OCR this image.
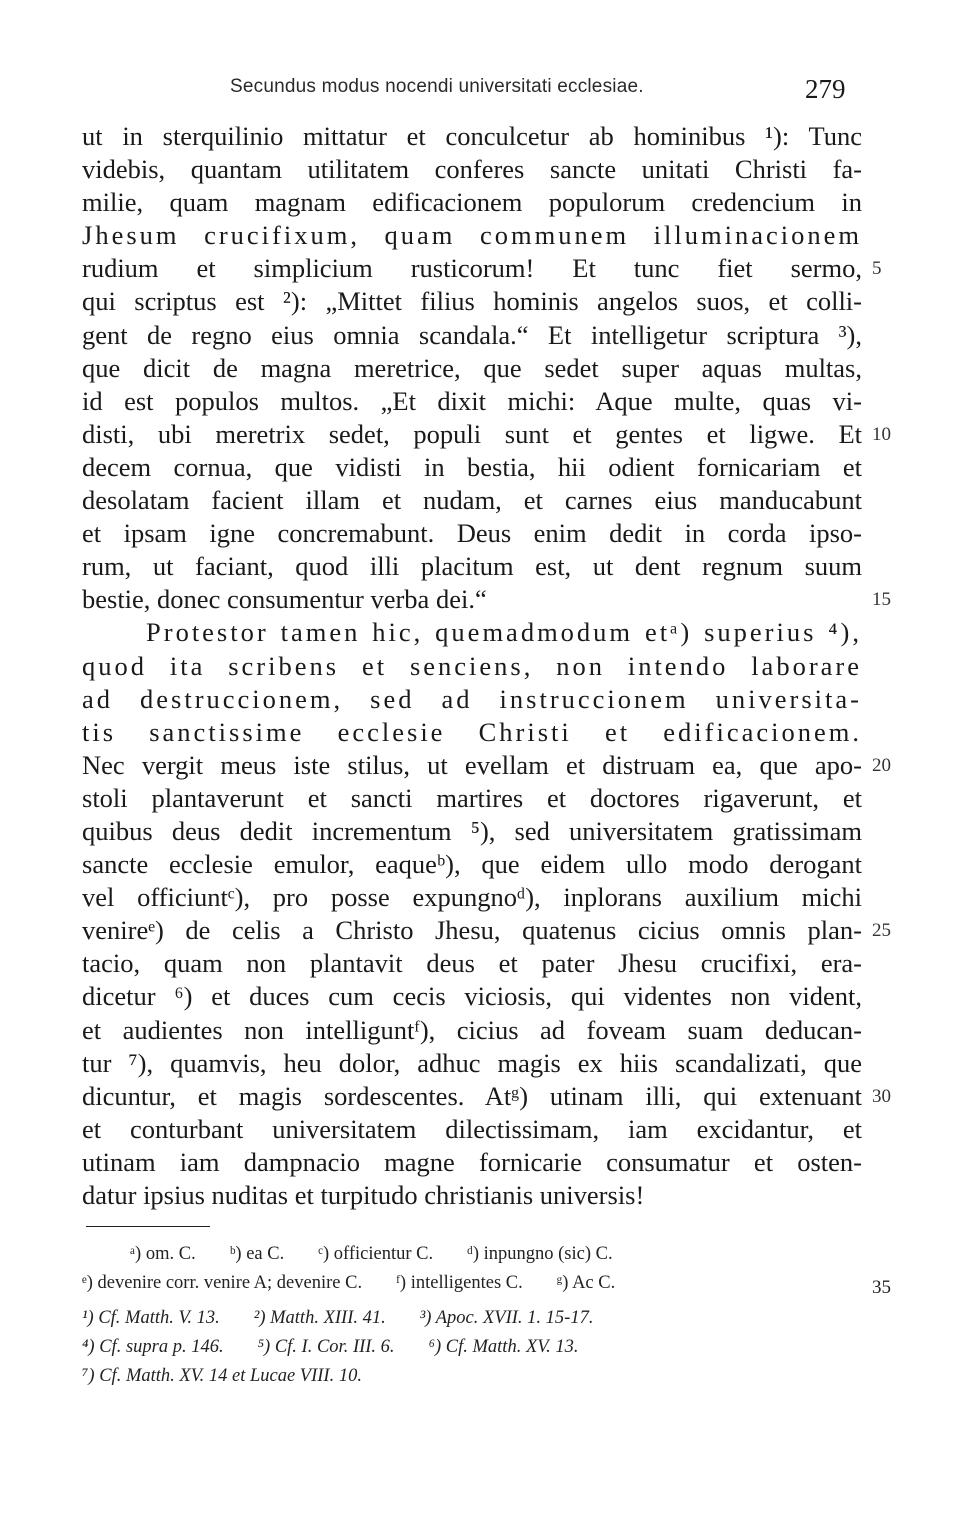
Secundus modus nocendi universitati ecclesiae.	279
ut in sterquilinio mittatur et conculcetur ab hominibus ¹): Tunc
videbis, quantam utilitatem conferes sancte unitati Christi fa-
milie, quam magnam edificacionem populorum credencium in
Jhesum crucifixum, quam communem illuminacionem
rudium et simplicium rusticorum! Et tunc fiet sermo, 5
qui scriptus est ²): „Mittet filius hominis angelos suos, et colli-
gent de regno eius omnia scandala.“ Et intelligetur scriptura ³),
que dicit de magna meretrice, que sedet super aquas multas,
id est populos multos. „Et dixit michi: Aque multe, quas vi-
disti, ubi meretrix sedet, populi sunt et gentes et ligwe. Et 10
decem cornua, que vidisti in bestia, hii odient fornicariam et
desolatam facient illam et nudam, et carnes eius manducabunt
et ipsam igne concremabunt. Deus enim dedit in corda ipso-
rum, ut faciant, quod illi placitum est, ut dent regnum suum
bestie, donec consumentur verba dei.“	15
Protestor tamen hic, quemadmodum etᵃ) superius ⁴),
quod ita scribens et senciens, non intendo laborare
ad destruccionem, sed ad instruccionem universita-
tis sanctissime ecclesie Christi et edificacionem.
Nec vergit meus iste stilus, ut evellam et distruam ea, que apo- 20
stoli plantaverunt et sancti martires et doctores rigaverunt, et
quibus deus dedit incrementum ⁵), sed universitatem gratissimam
sancte ecclesie emulor, eaqueᵇ), que eidem ullo modo derogant
vel officiuntᶜ), pro posse expungnoᵈ), inplorans auxilium michi
venireᵉ) de celis a Christo Jhesu, quatenus cicius omnis plan- 25
tacio, quam non plantavit deus et pater Jhesu crucifixi, era-
dicetur ⁶) et duces cum cecis viciosis, qui videntes non vident,
et audientes non intelliguntᶠ), cicius ad foveam suam deducan-
tur ⁷), quamvis, heu dolor, adhuc magis ex hiis scandalizati, que
dicuntur, et magis sordescentes. Atᵍ) utinam illi, qui extenuant 30
et conturbant universitatem dilectissimam, iam excidantur, et
utinam iam dampnacio magne fornicarie consumatur et osten-
datur ipsius nuditas et turpitudo christianis universis!
ᵃ) om. C. ᵇ) ea C. ᶜ) officientur C. ᵈ) inpungno (sic) C.
ᵉ) devenire corr. venire A; devenire C. ᶠ) intelligentes C. ᵍ) Ac C.	35
¹) Cf. Matth. V. 13. ²) Matth. XIII. 41. ³) Apoc. XVII. 1. 15-17.
⁴) Cf. supra p. 146. ⁵) Cf. I. Cor. III. 6. ⁶) Cf. Matth. XV. 13.
⁷) Cf. Matth. XV. 14 et Lucae VIII. 10.
